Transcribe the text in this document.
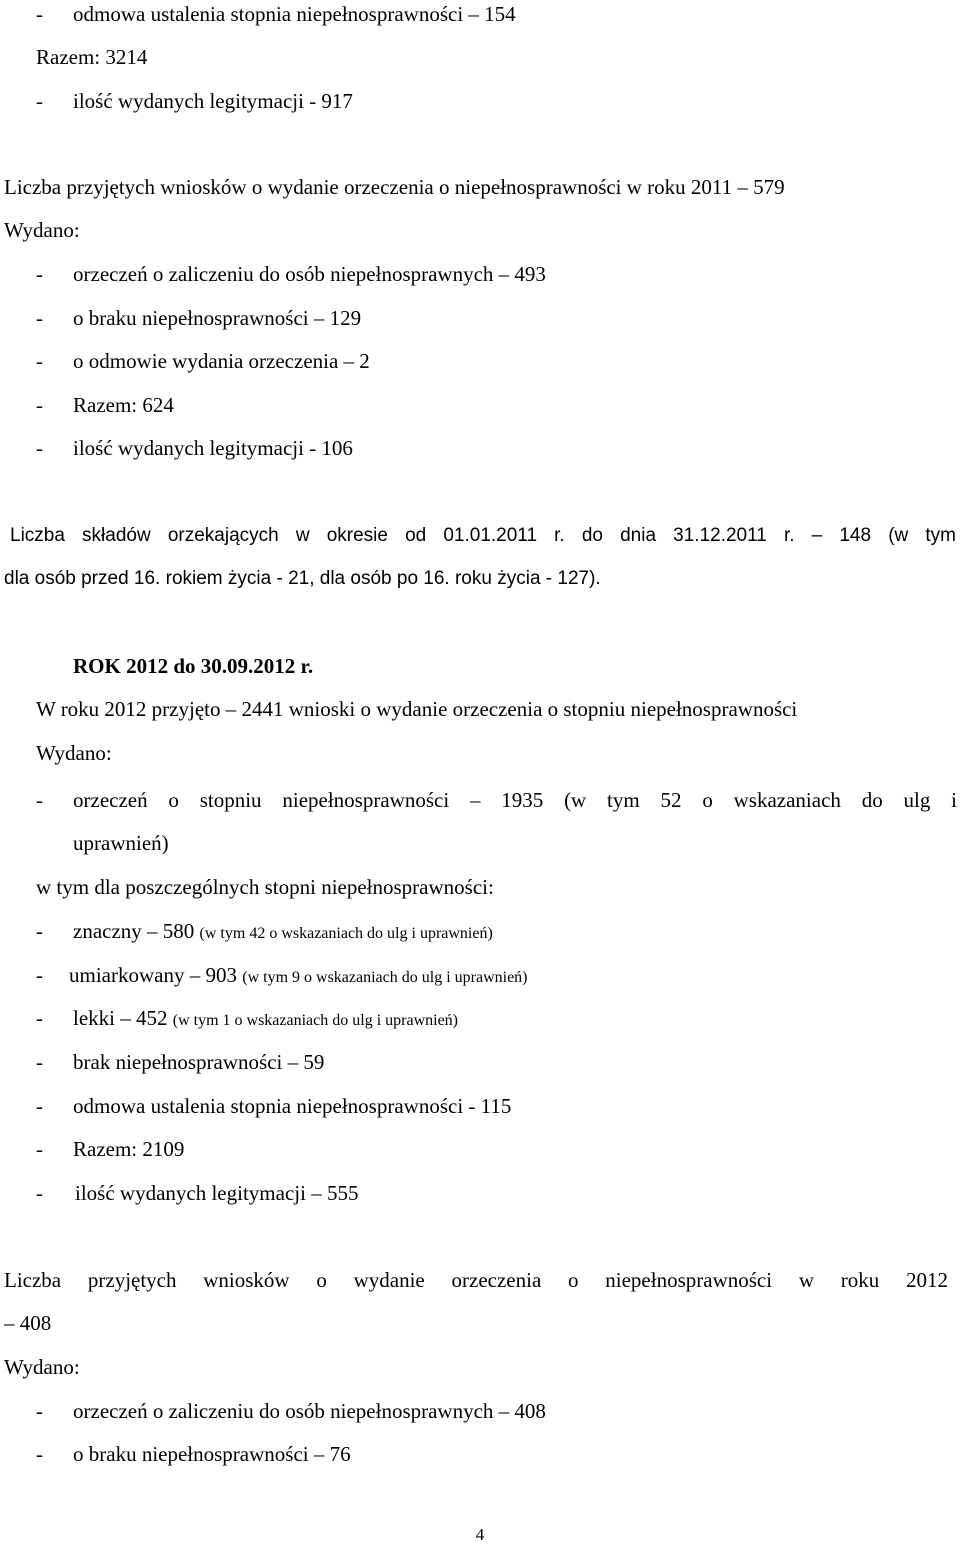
- odmowa ustalenia stopnia niepełnosprawności – 154
Razem: 3214
- ilość wydanych legitymacji - 917
Liczba przyjętych wniosków o wydanie orzeczenia o niepełnosprawności w roku 2011 – 579
Wydano:
- orzeczeń o zaliczeniu do osób niepełnosprawnych – 493
- o braku niepełnosprawności – 129
- o odmowie wydania orzeczenia – 2
- Razem: 624
- ilość wydanych legitymacji - 106
Liczba składów orzekających w okresie od 01.01.2011 r. do dnia 31.12.2011 r. – 148 (w tym
dla osób przed 16. rokiem życia - 21, dla osób po 16. roku życia - 127).
ROK 2012 do 30.09.2012 r.
W roku 2012 przyjęto – 2441 wnioski o wydanie orzeczenia o stopniu niepełnosprawności
Wydano:
- orzeczeń o stopniu niepełnosprawności – 1935 (w tym 52 o wskazaniach do ulg i
uprawnień)
w tym dla poszczególnych stopni niepełnosprawności:
- znaczny – 580 (w tym 42 o wskazaniach do ulg i uprawnień)
- umiarkowany – 903 (w tym 9 o wskazaniach do ulg i uprawnień)
- lekki – 452 (w tym 1 o wskazaniach do ulg i uprawnień)
- brak niepełnosprawności – 59
- odmowa ustalenia stopnia niepełnosprawności - 115
- Razem: 2109
- ilość wydanych legitymacji – 555
Liczba przyjętych wniosków o wydanie orzeczenia o niepełnosprawności w roku 2012
– 408
Wydano:
- orzeczeń o zaliczeniu do osób niepełnosprawnych – 408
- o braku niepełnosprawności – 76
4
